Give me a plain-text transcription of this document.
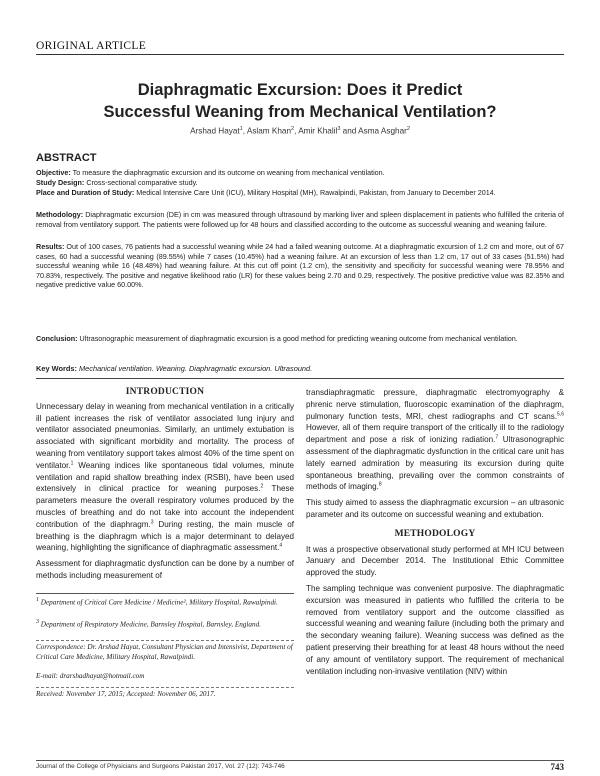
ORIGINAL ARTICLE
Diaphragmatic Excursion: Does it Predict
Successful Weaning from Mechanical Ventilation?
Arshad Hayat$^1$, Aslam Khan$^2$, Amir Khalil$^3$ and Asma Asghar$^2$
ABSTRACT
Objective: To measure the diaphragmatic excursion and its outcome on weaning from mechanical ventilation.
Study Design: Cross-sectional comparative study.
Place and Duration of Study: Medical Intensive Care Unit (ICU), Military Hospital (MH), Rawalpindi, Pakistan, from January to December 2014.
Methodology: Diaphragmatic excursion (DE) in cm was measured through ultrasound by marking liver and spleen displacement in patients who fulfilled the criteria of removal from ventilatory support. The patients were followed up for 48 hours and classified according to the outcome as successful weaning and weaning failure.
Results: Out of 100 cases, 76 patients had a successful weaning while 24 had a failed weaning outcome. At a diaphragmatic excursion of 1.2 cm and more, out of 67 cases, 60 had a successful weaning (89.55%) while 7 cases (10.45%) had a weaning failure. At an excursion of less than 1.2 cm, 17 out of 33 cases (51.5%) had successful weaning while 16 (48.48%) had weaning failure. At this cut off point (1.2 cm), the sensitivity and specificity for successful weaning were 78.95% and 70.83%, respectively. The positive and negative likelihood ratio (LR) for these values being 2.70 and 0.29, respectively. The positive predictive value was 82.35% and negative predictive value 60.00%.
Conclusion: Ultrasonographic measurement of diaphragmatic excursion is a good method for predicting weaning outcome from mechanical ventilation.
Key Words: Mechanical ventilation. Weaning. Diaphragmatic excursion. Ultrasound.
INTRODUCTION

Unnecessary delay in weaning from mechanical ventilation in a critically ill patient increases the risk of ventilator associated lung injury and ventilator associated pneumonias. Similarly, an untimely extubation is associated with significant morbidity and mortality. The process of weaning from ventilatory support takes almost 40% of the time spent on ventilator.$^1$ Weaning indices like spontaneous tidal volumes, minute ventilation and rapid shallow breathing index (RSBI), have been used extensively in clinical practice for weaning purposes.$^2$ These parameters measure the overall respiratory volumes produced by the muscles of breathing and do not take into account the independent contribution of the diaphragm.$^3$ During resting, the main muscle of breathing is the diaphragm which is a major determinant to delayed weaning, highlighting the significance of diaphragmatic assessment.$^4$

Assessment for diaphragmatic dysfunction can be done by a number of methods including measurement of

$^1$ Department of Critical Care Medicine / Medicine², Military Hospital, Rawalpindi.
$^3$ Department of Respiratory Medicine, Barnsley Hospital, Barnsley, England.
Correspondence: Dr. Arshad Hayat, Consultant Physician and Intensivist, Department of Critical Care Medicine, Military Hospital, Rawalpindi.
E-mail: drarshadhayat@hotmail.com
Received: November 17, 2015; Accepted: November 06, 2017.

transdiaphragmatic pressure, diaphragmatic electromyography & phrenic nerve stimulation, fluoroscopic examination of the diaphragm, pulmonary function tests, MRI, chest radiographs and CT scans.$^{5,6}$ However, all of them require transport of the critically ill to the radiology department and pose a risk of ionizing radiation.$^7$ Ultrasonographic assessment of the diaphragmatic dysfunction in the critical care unit has lately earned admiration by measuring its excursion during quite spontaneous breathing, prevailing over the common constraints of methods of imaging.$^8$

This study aimed to assess the diaphragmatic excursion – an ultrasonic parameter and its outcome on successful weaning and extubation.

METHODOLOGY

It was a prospective observational study performed at MH ICU between January and December 2014. The Institutional Ethic Committee approved the study.

The sampling technique was convenient purposive. The diaphragmatic excursion was measured in patients who fulfilled the criteria to be removed from ventilatory support and the outcome classified as successful weaning and weaning failure (including both the primary and the secondary weaning failure). Weaning success was defined as the patient preserving their breathing for at least 48 hours without the need of any amount of ventilatory support. The requirement of mechanical ventilation including non-invasive ventilation (NIV) within

Journal of the College of Physicians and Surgeons Pakistan 2017, Vol. 27 (12): 743-746	743
